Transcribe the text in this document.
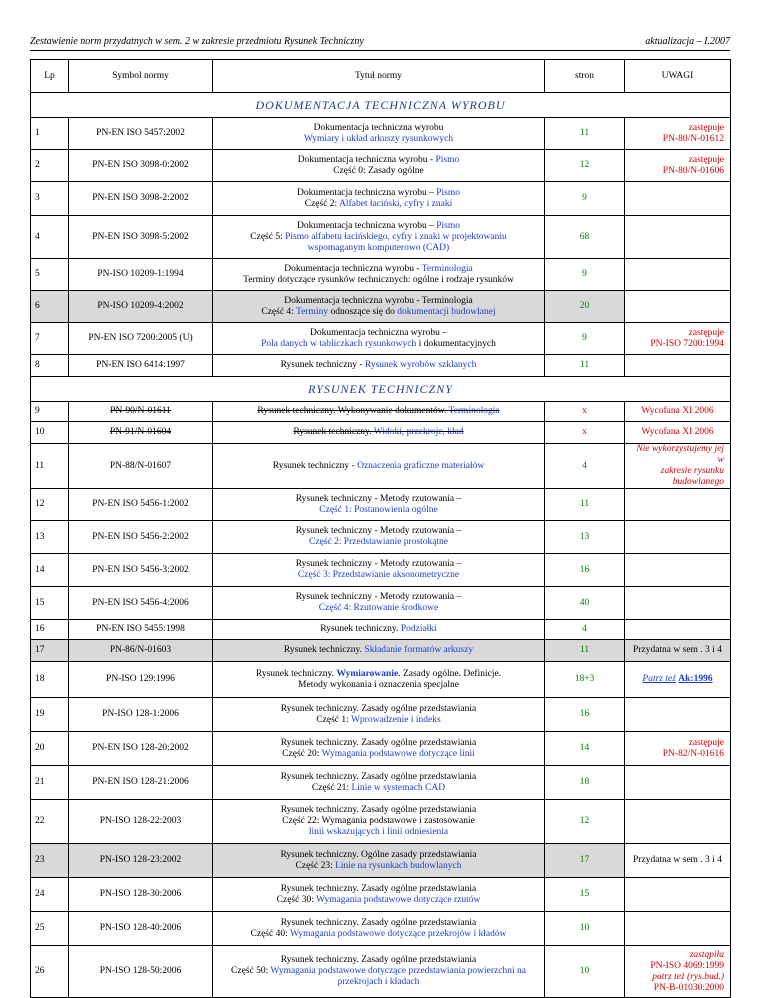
Zestawienie norm przydatnych w sem. 2 w zakresie przedmiotu Rysunek Techniczny	aktualizacja – I.2007
Lp	Symbol normy	Tytuł normy	stron	UWAGI
DOKUMENTACJA TECHNICZNA WYROBU				
1	PN-EN ISO 5457:2002	Dokumentacja techniczna wyrobu
Wymiary i układ arkuszy rysunkowych	11	zastępuje
PN-80/N-01612
2	PN-EN ISO 3098-0:2002	Dokumentacja techniczna wyrobu - Pismo
Część 0: Zasady ogólne	12	zastępuje
PN-80/N-01606
3	PN-EN ISO 3098-2:2002	Dokumentacja techniczna wyrobu – Pismo
Część 2: Alfabet łaciński, cyfry i znaki	9	
4	PN-EN ISO 3098-5:2002	Dokumentacja techniczna wyrobu – Pismo
Część 5: Pismo alfabetu łacińskiego, cyfry i znaki w projektowaniu
wspomaganym komputerowo (CAD)	68	
5	PN-ISO 10209-1:1994	Dokumentacja techniczna wyrobu - Terminologia
Terminy dotyczące rysunków technicznych: ogólne i rodzaje rysunków	9	
6	PN-ISO 10209-4:2002	Dokumentacja techniczna wyrobu - Terminologia
Część 4: Terminy odnoszące się do dokumentacji budowlanej	20	
7	PN-EN ISO 7200:2005 (U)	Dokumentacja techniczna wyrobu –
Pola danych w tabliczkach rysunkowych i dokumentacyjnych	9	zastępuje
PN-ISO 7200:1994
8	PN-EN ISO 6414:1997	Rysunek techniczny - Rysunek wyrobów szklanych	11	
RYSUNEK TECHNICZNY				
9	PN-90/N-01611	Rysunek techniczny. Wykonywanie dokumentów. Terminologia	x	Wycofana XI 2006
10	PN-91/N-01604	Rysunek techniczny. Widoki, przekroje, kład	x	Wycofana XI 2006
11	PN-88/N-01607	Rysunek techniczny - Oznaczenia graficzne materiałów	4	Nie wykorzystujemy jej w
zakresie rysunku
budowlanego
12	PN-EN ISO 5456-1:2002	Rysunek techniczny - Metody rzutowania –
Część 1: Postanowienia ogólne	11	
13	PN-EN ISO 5456-2:2002	Rysunek techniczny - Metody rzutowania –
Część 2: Przedstawianie prostokątne	13	
14	PN-EN ISO 5456-3:2002	Rysunek techniczny - Metody rzutowania –
Część 3: Przedstawianie aksonometryczne	16	
15	PN-EN ISO 5456-4:2006	Rysunek techniczny - Metody rzutowania –
Część 4: Rzutowanie środkowe	40	
16	PN-EN ISO 5455:1998	Rysunek techniczny. Podziałki	4	
17	PN-86/N-01603	Rysunek techniczny. Składanie formatów arkuszy	11	Przydatna w sem . 3 i 4
18	PN-ISO 129:1996	Rysunek techniczny. Wymiarowanie. Zasady ogólne. Definicje.
Metody wykonania i oznaczenia specjalne	18+3	Patrz też Ak:1996
19	PN-ISO 128-1:2006	Rysunek techniczny. Zasady ogólne przedstawiania
Część 1: Wprowadzenie i indeks	16	
20	PN-EN ISO 128-20:2002	Rysunek techniczny. Zasady ogólne przedstawiania
Część 20: Wymagania podstawowe dotyczące linii	14	zastępuje
PN-82/N-01616
21	PN-EN ISO 128-21:2006	Rysunek techniczny. Zasady ogólne przedstawiania
Część 21: Linie w systemach CAD	18	
22	PN-ISO 128-22:2003	Rysunek techniczny. Zasady ogólne przedstawiania
Część 22: Wymagania podstawowe i zastosowanie
linii wskazujących i linii odniesienia	12	
23	PN-ISO 128-23:2002	Rysunek techniczny. Ogólne zasady przedstawiania
Część 23: Linie na rysunkach budowlanych	17	Przydatna w sem . 3 i 4
24	PN-ISO 128-30:2006	Rysunek techniczny. Zasady ogólne przedstawiania
Część 30: Wymagania podstawowe dotyczące rzutów	15	
25	PN-ISO 128-40:2006	Rysunek techniczny. Zasady ogólne przedstawiania
Część 40: Wymagania podstawowe dotyczące przekrojów i kładów	10	
26	PN-ISO 128-50:2006	Rysunek techniczny. Zasady ogólne przedstawiania
Część 50: Wymagania podstawowe dotyczące przedstawiania powierzchni na
przekrojach i kładach	10	zastąpiła
PN-ISO 4069:1999
patrz też (rys.bud.)
PN-B-01030:2000
